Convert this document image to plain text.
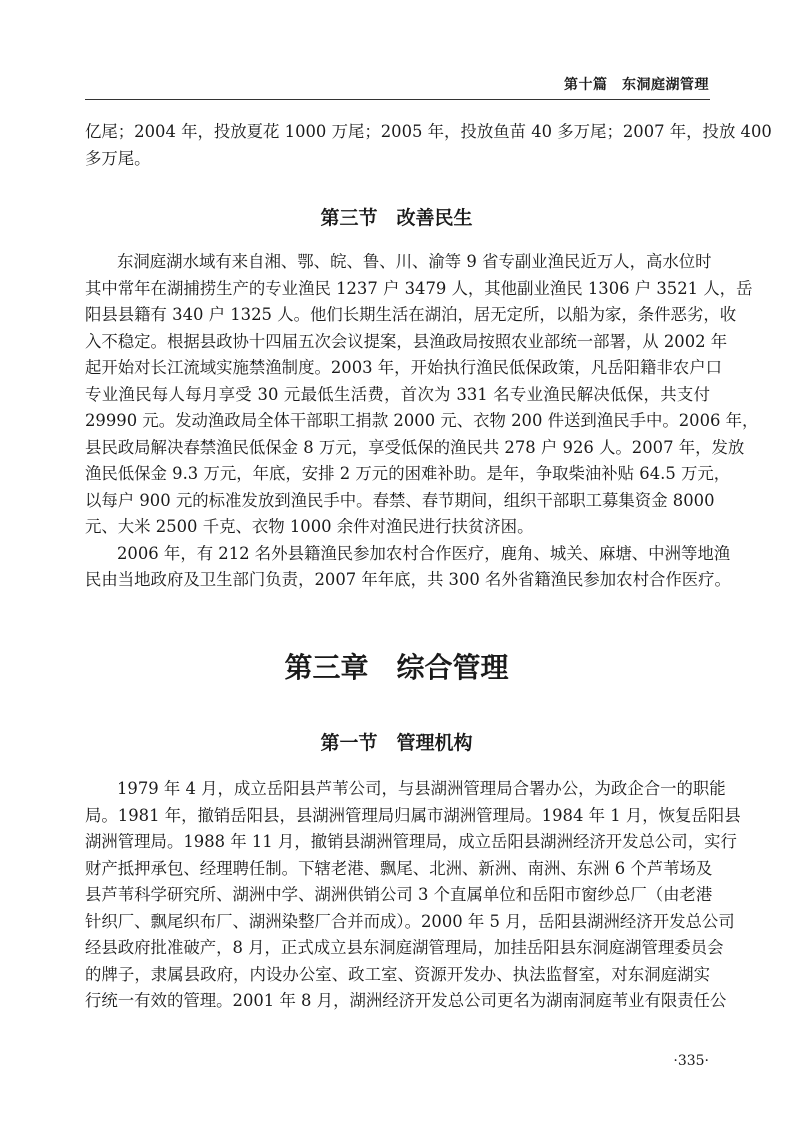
第十篇　东洞庭湖管理
亿尾；2004 年，投放夏花 1000 万尾；2005 年，投放鱼苗 40 多万尾；2007 年，投放 400
多万尾。
第三节　改善民生
东洞庭湖水域有来自湘、鄂、皖、鲁、川、渝等 9 省专副业渔民近万人，高水位时
其中常年在湖捕捞生产的专业渔民 1237 户 3479 人，其他副业渔民 1306 户 3521 人，岳
阳县县籍有 340 户 1325 人。他们长期生活在湖泊，居无定所，以船为家，条件恶劣，收
入不稳定。根据县政协十四届五次会议提案，县渔政局按照农业部统一部署，从 2002 年
起开始对长江流域实施禁渔制度。2003 年，开始执行渔民低保政策，凡岳阳籍非农户口
专业渔民每人每月享受 30 元最低生活费，首次为 331 名专业渔民解决低保，共支付
29990 元。发动渔政局全体干部职工捐款 2000 元、衣物 200 件送到渔民手中。2006 年，
县民政局解决春禁渔民低保金 8 万元，享受低保的渔民共 278 户 926 人。2007 年，发放
渔民低保金 9.3 万元，年底，安排 2 万元的困难补助。是年，争取柴油补贴 64.5 万元，
以每户 900 元的标准发放到渔民手中。春禁、春节期间，组织干部职工募集资金 8000
元、大米 2500 千克、衣物 1000 余件对渔民进行扶贫济困。
2006 年，有 212 名外县籍渔民参加农村合作医疗，鹿角、城关、麻塘、中洲等地渔
民由当地政府及卫生部门负责，2007 年年底，共 300 名外省籍渔民参加农村合作医疗。
第三章　综合管理
第一节　管理机构
1979 年 4 月，成立岳阳县芦苇公司，与县湖洲管理局合署办公，为政企合一的职能
局。1981 年，撤销岳阳县，县湖洲管理局归属市湖洲管理局。1984 年 1 月，恢复岳阳县
湖洲管理局。1988 年 11 月，撤销县湖洲管理局，成立岳阳县湖洲经济开发总公司，实行
财产抵押承包、经理聘任制。下辖老港、飘尾、北洲、新洲、南洲、东洲 6 个芦苇场及
县芦苇科学研究所、湖洲中学、湖洲供销公司 3 个直属单位和岳阳市窗纱总厂（由老港
针织厂、飘尾织布厂、湖洲染整厂合并而成）。2000 年 5 月，岳阳县湖洲经济开发总公司
经县政府批准破产，8 月，正式成立县东洞庭湖管理局，加挂岳阳县东洞庭湖管理委员会
的牌子，隶属县政府，内设办公室、政工室、资源开发办、执法监督室，对东洞庭湖实
行统一有效的管理。2001 年 8 月，湖洲经济开发总公司更名为湖南洞庭苇业有限责任公
·335·
